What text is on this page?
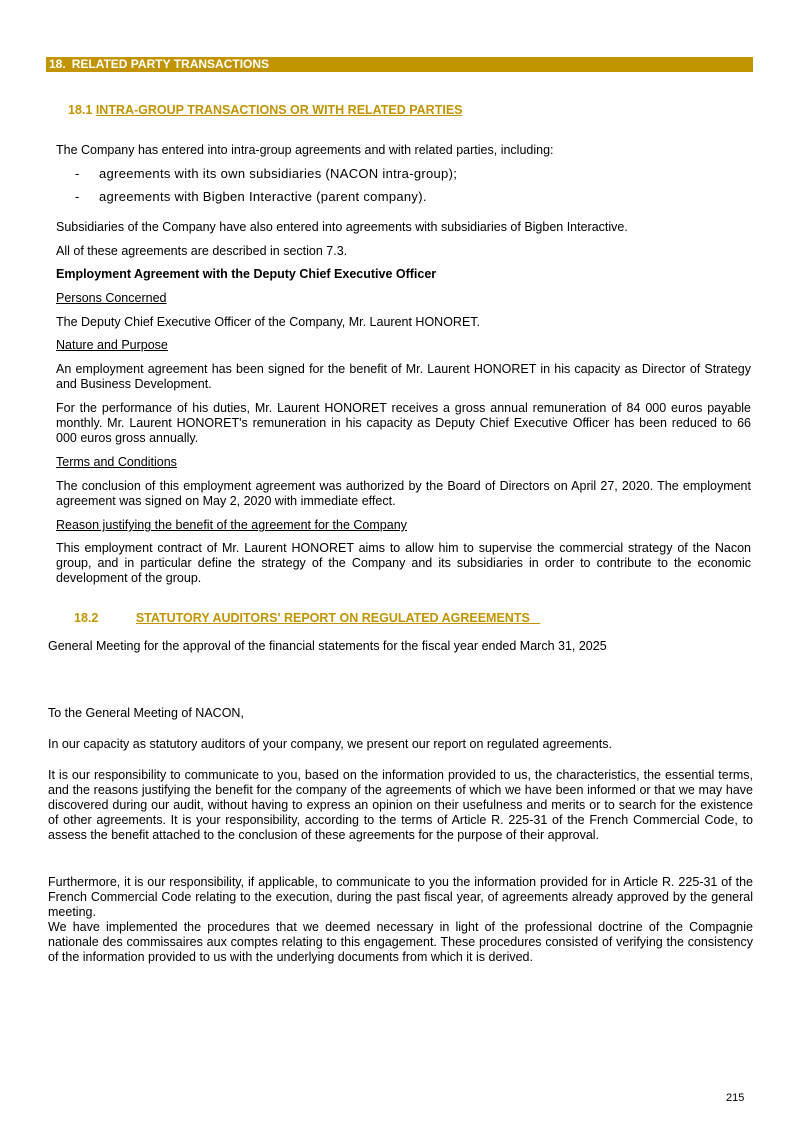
18. RELATED PARTY TRANSACTIONS
18.1 INTRA-GROUP TRANSACTIONS OR WITH RELATED PARTIES
The Company has entered into intra-group agreements and with related parties, including:
- agreements with its own subsidiaries (NACON intra-group);
- agreements with Bigben Interactive (parent company).
Subsidiaries of the Company have also entered into agreements with subsidiaries of Bigben Interactive.
All of these agreements are described in section 7.3.
Employment Agreement with the Deputy Chief Executive Officer
Persons Concerned
The Deputy Chief Executive Officer of the Company, Mr. Laurent HONORET.
Nature and Purpose
An employment agreement has been signed for the benefit of Mr. Laurent HONORET in his capacity as Director of Strategy and Business Development.
For the performance of his duties, Mr. Laurent HONORET receives a gross annual remuneration of 84 000 euros payable monthly. Mr. Laurent HONORET's remuneration in his capacity as Deputy Chief Executive Officer has been reduced to 66 000 euros gross annually.
Terms and Conditions
The conclusion of this employment agreement was authorized by the Board of Directors on April 27, 2020. The employment agreement was signed on May 2, 2020 with immediate effect.
Reason justifying the benefit of the agreement for the Company
This employment contract of Mr. Laurent HONORET aims to allow him to supervise the commercial strategy of the Nacon group, and in particular define the strategy of the Company and its subsidiaries in order to contribute to the economic development of the group.
18.2	STATUTORY AUDITORS' REPORT ON REGULATED AGREEMENTS
General Meeting for the approval of the financial statements for the fiscal year ended March 31, 2025
To the General Meeting of NACON,
In our capacity as statutory auditors of your company, we present our report on regulated agreements.
It is our responsibility to communicate to you, based on the information provided to us, the characteristics, the essential terms, and the reasons justifying the benefit for the company of the agreements of which we have been informed or that we may have discovered during our audit, without having to express an opinion on their usefulness and merits or to search for the existence of other agreements. It is your responsibility, according to the terms of Article R. 225-31 of the French Commercial Code, to assess the benefit attached to the conclusion of these agreements for the purpose of their approval.
Furthermore, it is our responsibility, if applicable, to communicate to you the information provided for in Article R. 225-31 of the French Commercial Code relating to the execution, during the past fiscal year, of agreements already approved by the general meeting.
We have implemented the procedures that we deemed necessary in light of the professional doctrine of the Compagnie nationale des commissaires aux comptes relating to this engagement. These procedures consisted of verifying the consistency of the information provided to us with the underlying documents from which it is derived.
215
